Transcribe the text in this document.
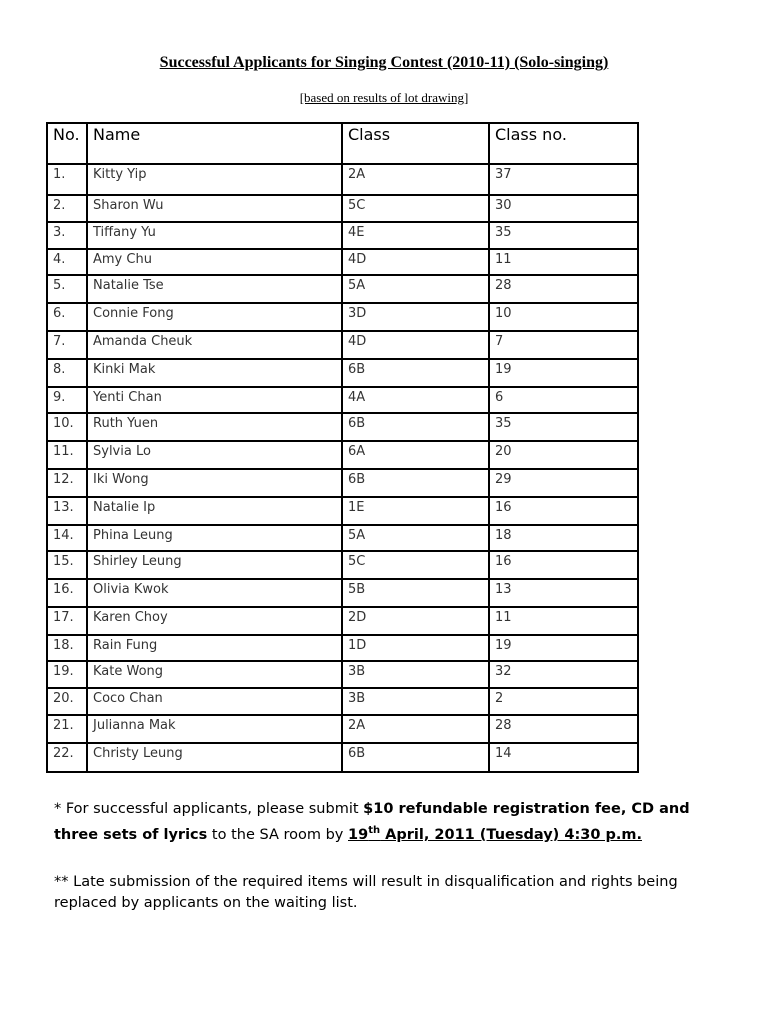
Successful Applicants for Singing Contest (2010-11) (Solo-singing)
[based on results of lot drawing]
No.	Name	Class	Class no.
1.	Kitty Yip	2A	37
2.	Sharon Wu	5C	30
3.	Tiffany Yu	4E	35
4.	Amy Chu	4D	11
5.	Natalie Tse	5A	28
6.	Connie Fong	3D	10
7.	Amanda Cheuk	4D	7
8.	Kinki Mak	6B	19
9.	Yenti Chan	4A	6
10.	Ruth Yuen	6B	35
11.	Sylvia Lo	6A	20
12.	Iki Wong	6B	29
13.	Natalie Ip	1E	16
14.	Phina Leung	5A	18
15.	Shirley Leung	5C	16
16.	Olivia Kwok	5B	13
17.	Karen Choy	2D	11
18.	Rain Fung	1D	19
19.	Kate Wong	3B	32
20.	Coco Chan	3B	2
21.	Julianna Mak	2A	28
22.	Christy Leung	6B	14
* For successful applicants, please submit $10 refundable registration fee, CD and three sets of lyrics to the SA room by 19th April, 2011 (Tuesday) 4:30 p.m.
** Late submission of the required items will result in disqualification and rights being replaced by applicants on the waiting list.
